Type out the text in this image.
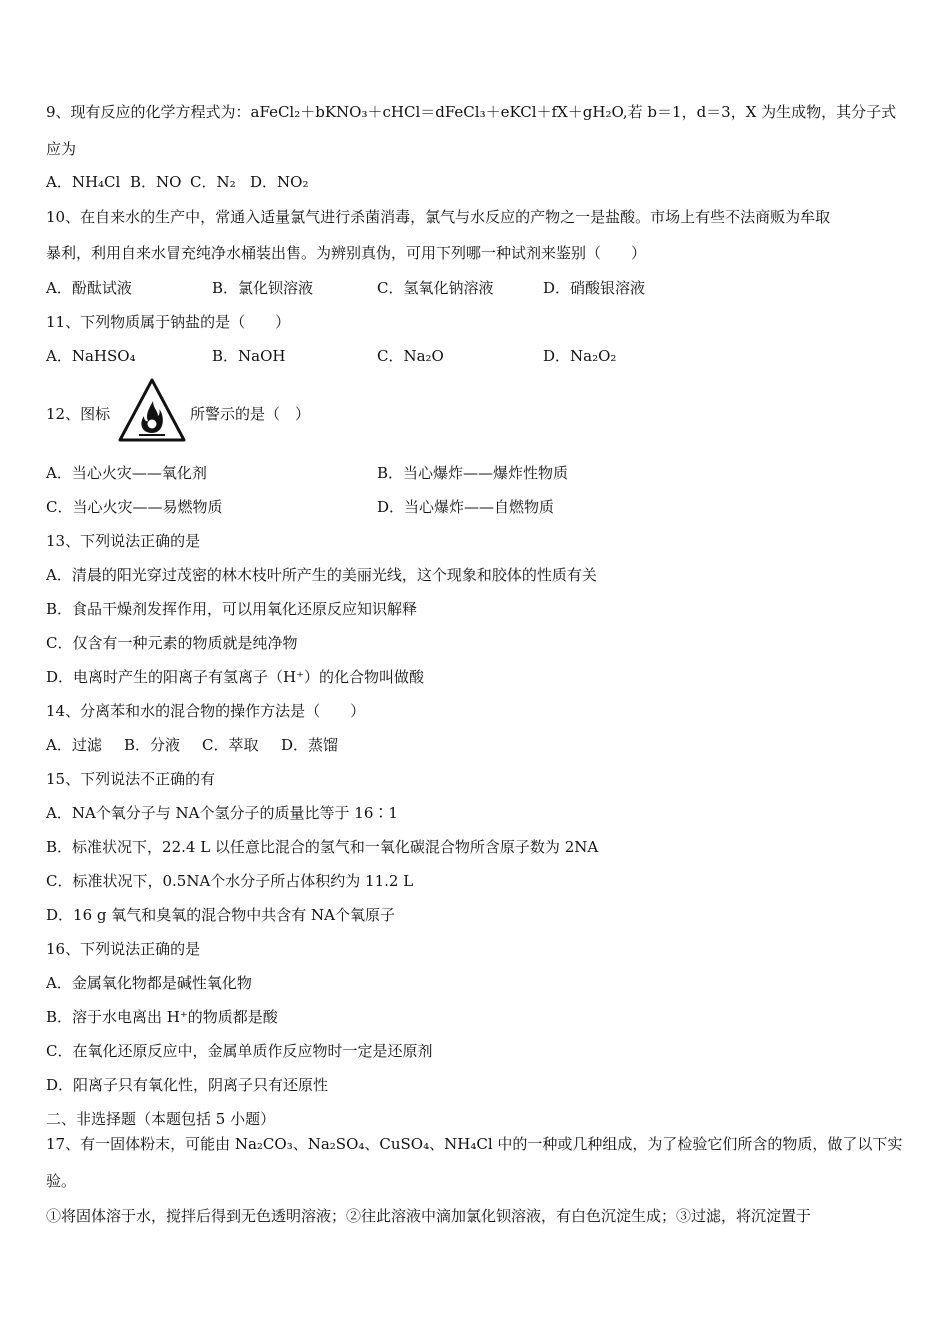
9、现有反应的化学方程式为：aFeCl₂＋bKNO₃＋cHCl＝dFeCl₃＋eKCl＋fX＋gH₂O,若 b＝1，d＝3，X 为生成物，其分子式
应为
A．NH₄Cl B．NO C．N₂ D．NO₂
10、在自来水的生产中，常通入适量氯气进行杀菌消毒，氯气与水反应的产物之一是盐酸。市场上有些不法商贩为牟取
暴利，利用自来水冒充纯净水桶装出售。为辨别真伪，可用下列哪一种试剂来鉴别（　　）
A．酚酞试液	B．氯化钡溶液	C．氢氧化钠溶液	D．硝酸银溶液
11、下列物质属于钠盐的是（　　）
A．NaHSO₄	B．NaOH	C．Na₂O	D．Na₂O₂
12、图标	所警示的是（　）
A．当心火灾——氧化剂	B．当心爆炸——爆炸性物质
C．当心火灾——易燃物质	D．当心爆炸——自燃物质
13、下列说法正确的是
A．清晨的阳光穿过茂密的林木枝叶所产生的美丽光线，这个现象和胶体的性质有关
B．食品干燥剂发挥作用，可以用氧化还原反应知识解释
C．仅含有一种元素的物质就是纯净物
D．电离时产生的阳离子有氢离子（H⁺）的化合物叫做酸
14、分离苯和水的混合物的操作方法是（　　）
A．过滤 B．分液 C．萃取 D．蒸馏
15、下列说法不正确的有
A．NA个氧分子与 NA个氢分子的质量比等于 16∶1
B．标准状况下，22.4 L 以任意比混合的氢气和一氧化碳混合物所含原子数为 2NA
C．标准状况下，0.5NA个水分子所占体积约为 11.2 L
D．16 g 氧气和臭氧的混合物中共含有 NA个氧原子
16、下列说法正确的是
A．金属氧化物都是碱性氧化物
B．溶于水电离出 H⁺的物质都是酸
C．在氧化还原反应中，金属单质作反应物时一定是还原剂
D．阳离子只有氧化性，阴离子只有还原性
二、非选择题（本题包括 5 小题）
17、有一固体粉末，可能由 Na₂CO₃、Na₂SO₄、CuSO₄、NH₄Cl 中的一种或几种组成，为了检验它们所含的物质，做了以下实
验。
①将固体溶于水，搅拌后得到无色透明溶液；②往此溶液中滴加氯化钡溶液，有白色沉淀生成；③过滤，将沉淀置于
